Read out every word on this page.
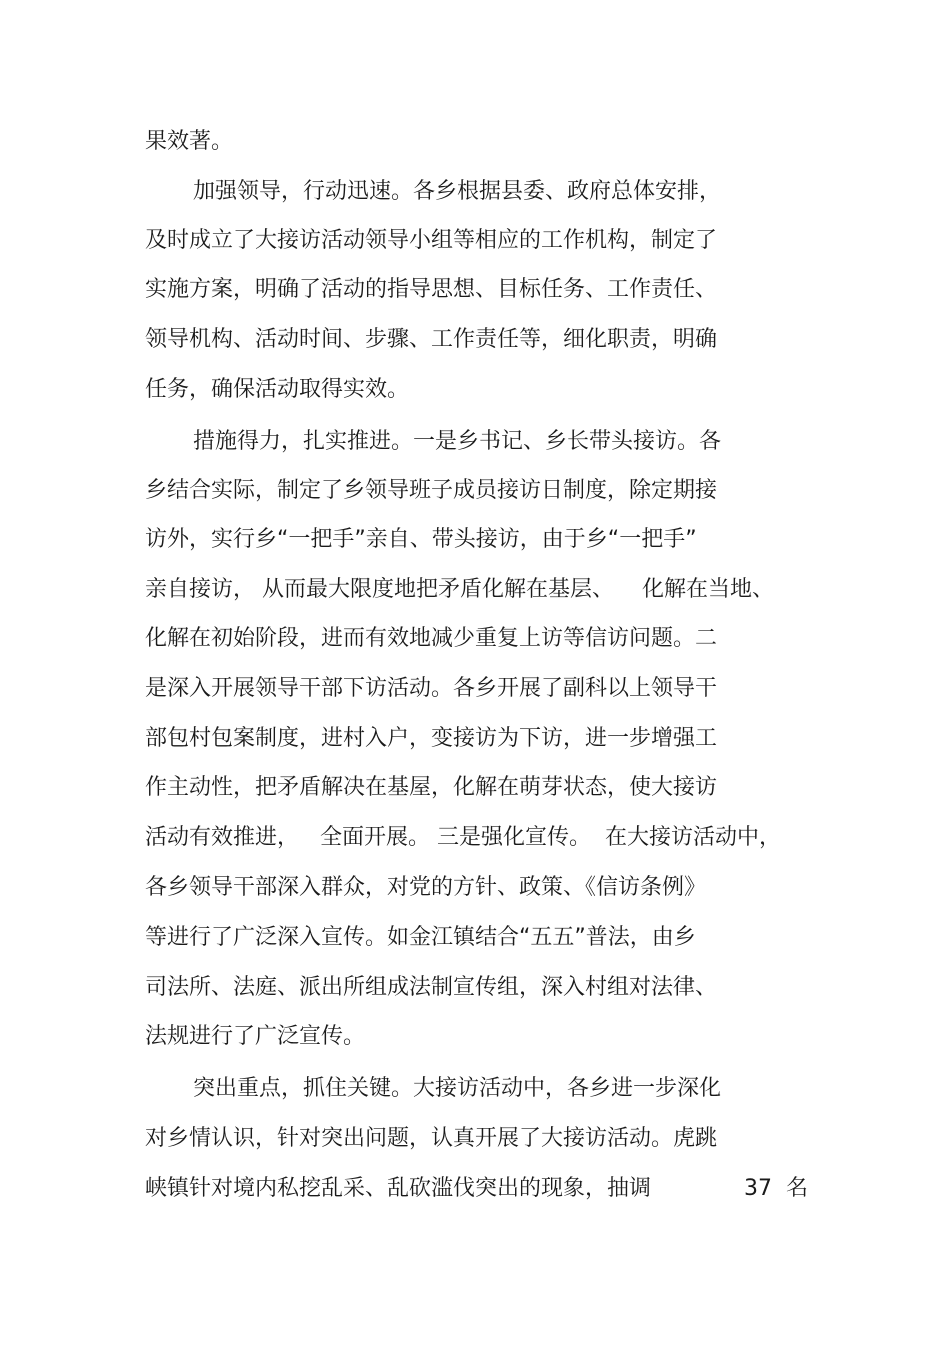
果效著。
加强领导，行动迅速。各乡根据县委、政府总体安排，
及时成立了大接访活动领导小组等相应的工作机构，制定了
实施方案，明确了活动的指导思想、目标任务、工作责任、
领导机构、活动时间、步骤、工作责任等，细化职责，明确
任务，确保活动取得实效。
措施得力，扎实推进。一是乡书记、乡长带头接访。各
乡结合实际，制定了乡领导班子成员接访日制度，除定期接
访外，实行乡“一把手”亲自、带头接访，由于乡“一把手”
亲自接访， 从而最大限度地把矛盾化解在基层、    化解在当地、
化解在初始阶段，进而有效地减少重复上访等信访问题。二
是深入开展领导干部下访活动。各乡开展了副科以上领导干
部包村包案制度，进村入户，变接访为下访，进一步增强工
作主动性，把矛盾解决在基屋，化解在萌芽状态，使大接访
活动有效推进，   全面开展。 三是强化宣传。  在大接访活动中，
各乡领导干部深入群众，对党的方针、政策、《信访条例》
等进行了广泛深入宣传。如金江镇结合“五五”普法，由乡
司法所、法庭、派出所组成法制宣传组，深入村组对法律、
法规进行了广泛宣传。
突出重点，抓住关键。大接访活动中，各乡进一步深化
对乡情认识，针对突出问题，认真开展了大接访活动。虎跳
峡镇针对境内私挖乱采、乱砍滥伐突出的现象，抽调	37  名
